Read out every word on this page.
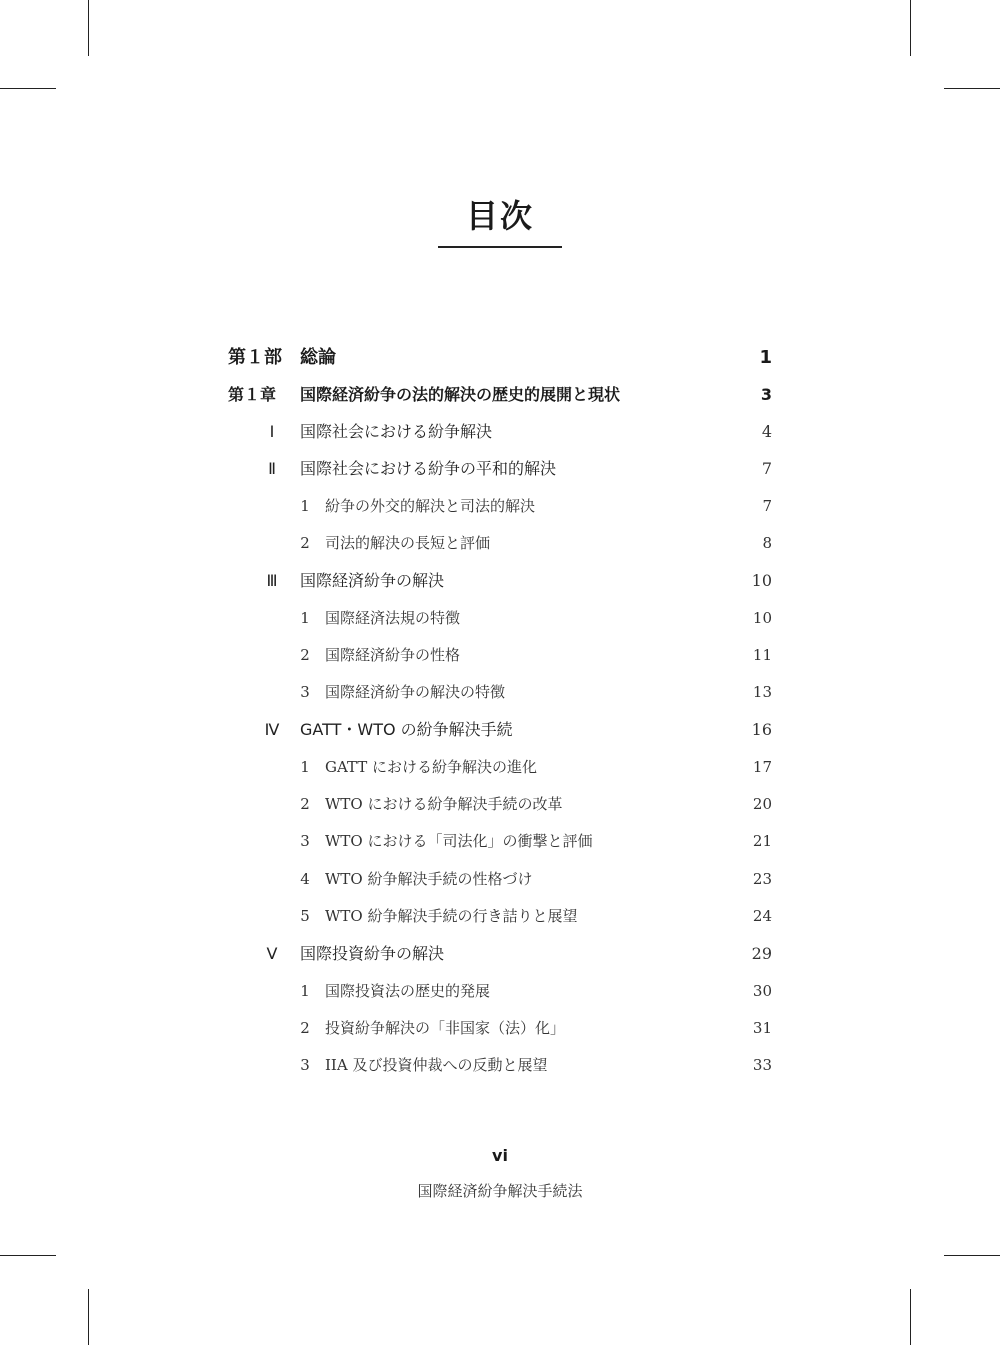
目次
第１部 総論	1
第１章 国際経済紛争の法的解決の歴史的展開と現状	3
Ⅰ	国際社会における紛争解決	4
Ⅱ	国際社会における紛争の平和的解決	7
1 紛争の外交的解決と司法的解決	7
2 司法的解決の長短と評価	8
Ⅲ	国際経済紛争の解決	10
1 国際経済法規の特徴	10
2 国際経済紛争の性格	11
3 国際経済紛争の解決の特徴	13
Ⅳ	GATT・WTO の紛争解決手続	16
1 GATT における紛争解決の進化	17
2 WTO における紛争解決手続の改革	20
3 WTO における「司法化」の衝撃と評価	21
4 WTO 紛争解決手続の性格づけ	23
5 WTO 紛争解決手続の行き詰りと展望	24
Ⅴ	国際投資紛争の解決	29
1 国際投資法の歴史的発展	30
2 投資紛争解決の「非国家（法）化」	31
3 IIA 及び投資仲裁への反動と展望	33
vi
国際経済紛争解決手続法
